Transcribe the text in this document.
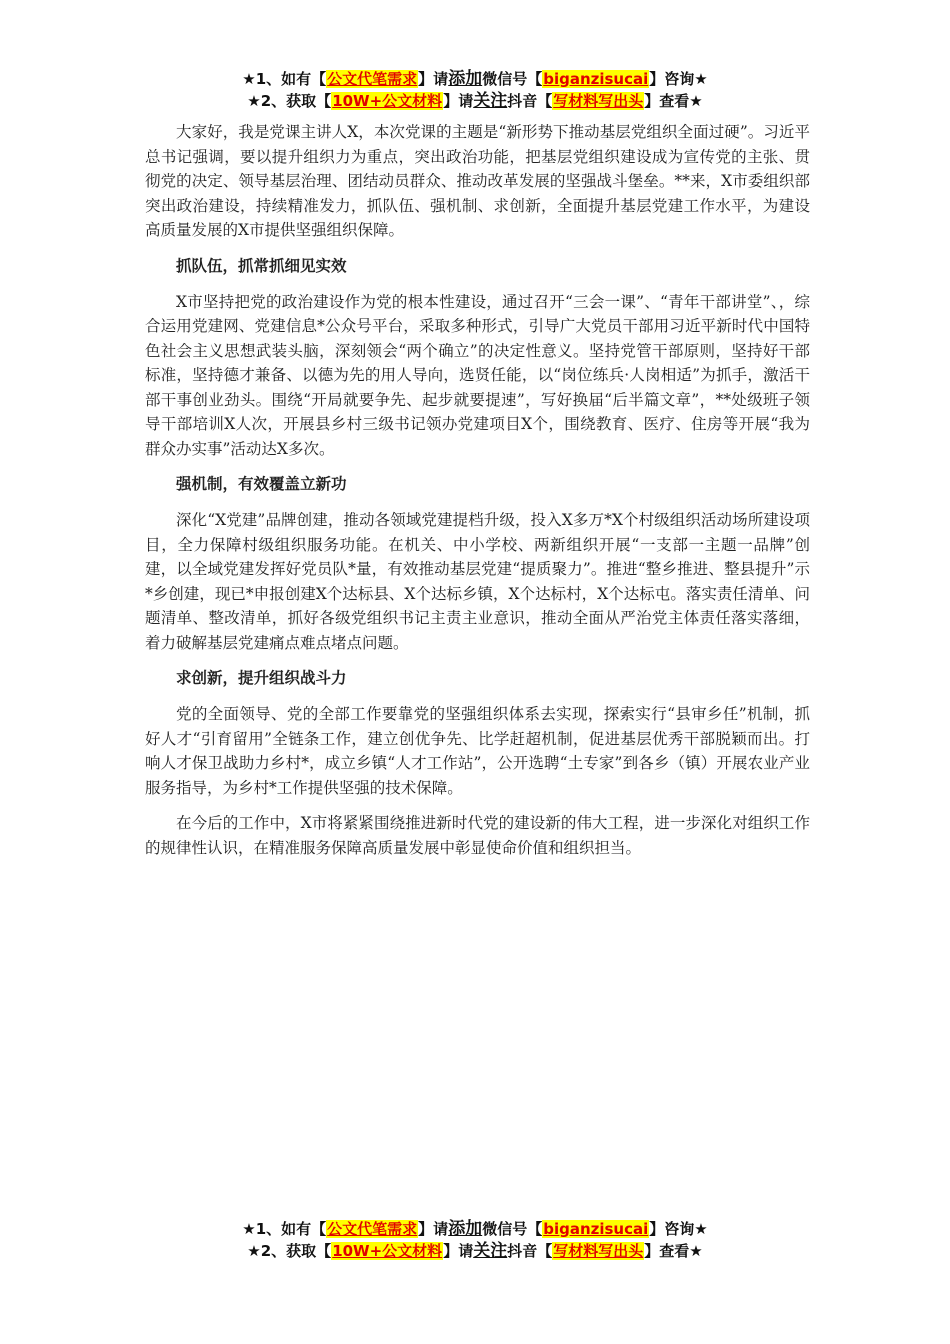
★1、如有【公文代笔需求】请添加微信号【biganzisucai】咨询★
★2、获取【10W+公文材料】请关注抖音【写材料写出头】查看★

大家好，我是党课主讲人X，本次党课的主题是“新形势下推动基层党组织全面过硬”。习近平总书记强调，要以提升组织力为重点，突出政治功能，把基层党组织建设成为宣传党的主张、贯彻党的决定、领导基层治理、团结动员群众、推动改革发展的坚强战斗堡垒。**来，X市委组织部突出政治建设，持续精准发力，抓队伍、强机制、求创新，全面提升基层党建工作水平，为建设高质量发展的X市提供坚强组织保障。

抓队伍，抓常抓细见实效

X市坚持把党的政治建设作为党的根本性建设，通过召开“三会一课”、“青年干部讲堂”、，综合运用党建网、党建信息*公众号平台，采取多种形式，引导广大党员干部用习近平新时代中国特色社会主义思想武装头脑，深刻领会“两个确立”的决定性意义。坚持党管干部原则，坚持好干部标准，坚持德才兼备、以德为先的用人导向，选贤任能，以“岗位练兵·人岗相适”为抓手，激活干部干事创业劲头。围绕“开局就要争先、起步就要提速”，写好换届“后半篇文章”，**处级班子领导干部培训X人次，开展县乡村三级书记领办党建项目X个，围绕教育、医疗、住房等开展“我为群众办实事”活动达X多次。

强机制，有效覆盖立新功

深化“X党建”品牌创建，推动各领域党建提档升级，投入X多万*X个村级组织活动场所建设项目，全力保障村级组织服务功能。在机关、中小学校、两新组织开展“一支部一主题一品牌”创建，以全域党建发挥好党员队*量，有效推动基层党建“提质聚力”。推进“整乡推进、整县提升”示*乡创建，现已*申报创建X个达标县、X个达标乡镇，X个达标村，X个达标屯。落实责任清单、问题清单、整改清单，抓好各级党组织书记主责主业意识，推动全面从严治党主体责任落实落细，着力破解基层党建痛点难点堵点问题。

求创新，提升组织战斗力

党的全面领导、党的全部工作要靠党的坚强组织体系去实现，探索实行“县审乡任”机制，抓好人才“引育留用”全链条工作，建立创优争先、比学赶超机制，促进基层优秀干部脱颖而出。打响人才保卫战助力乡村*，成立乡镇“人才工作站”，公开选聘“土专家”到各乡（镇）开展农业产业服务指导，为乡村*工作提供坚强的技术保障。

在今后的工作中，X市将紧紧围绕推进新时代党的建设新的伟大工程，进一步深化对组织工作的规律性认识，在精准服务保障高质量发展中彰显使命价值和组织担当。

★1、如有【公文代笔需求】请添加微信号【biganzisucai】咨询★
★2、获取【10W+公文材料】请关注抖音【写材料写出头】查看★
